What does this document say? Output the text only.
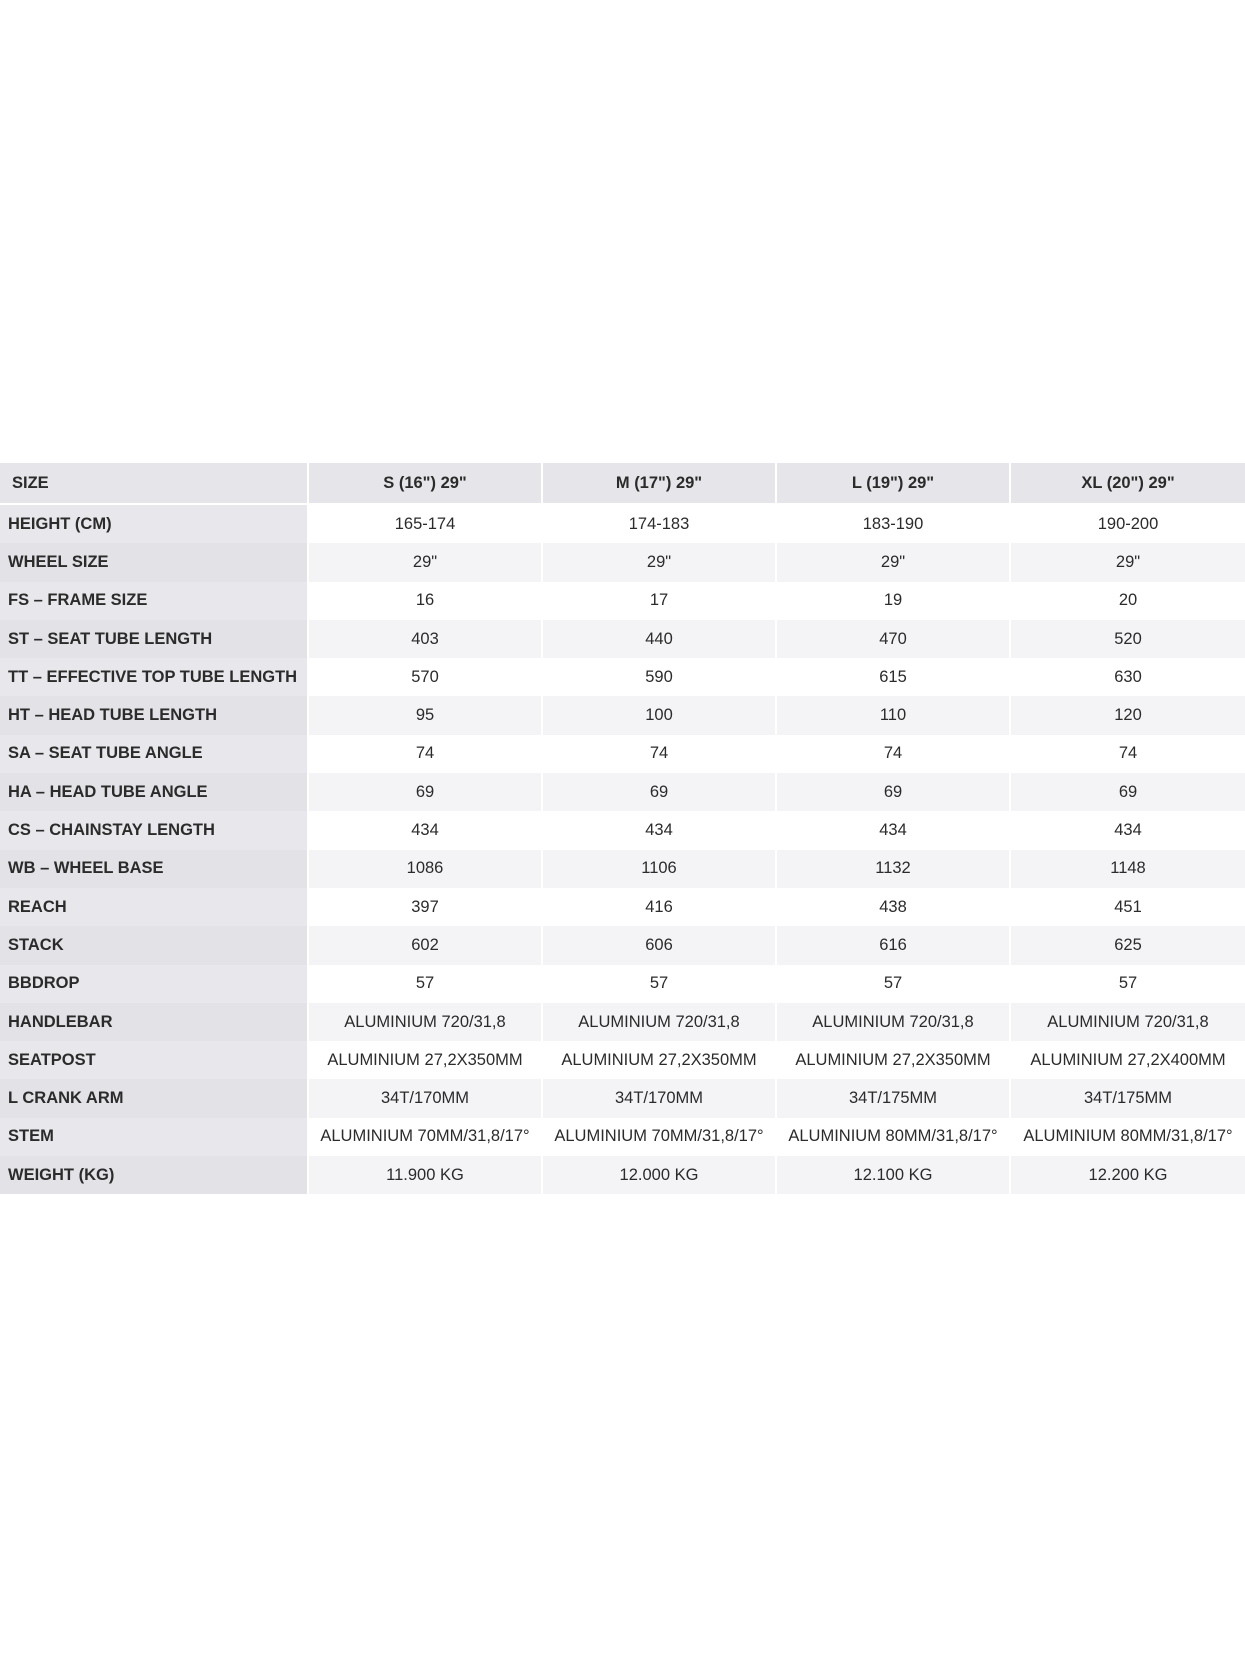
SIZE	S (16") 29"	M (17") 29"	L (19") 29"	XL (20") 29"
HEIGHT (CM)	165-174	174-183	183-190	190-200
WHEEL SIZE	29"	29"	29"	29"
FS – FRAME SIZE	16	17	19	20
ST – SEAT TUBE LENGTH	403	440	470	520
TT – EFFECTIVE TOP TUBE LENGTH	570	590	615	630
HT – HEAD TUBE LENGTH	95	100	110	120
SA – SEAT TUBE ANGLE	74	74	74	74
HA – HEAD TUBE ANGLE	69	69	69	69
CS – CHAINSTAY LENGTH	434	434	434	434
WB – WHEEL BASE	1086	1106	1132	1148
REACH	397	416	438	451
STACK	602	606	616	625
BBDROP	57	57	57	57
HANDLEBAR	ALUMINIUM 720/31,8	ALUMINIUM 720/31,8	ALUMINIUM 720/31,8	ALUMINIUM 720/31,8
SEATPOST	ALUMINIUM 27,2X350MM	ALUMINIUM 27,2X350MM	ALUMINIUM 27,2X350MM	ALUMINIUM 27,2X400MM
L CRANK ARM	34T/170MM	34T/170MM	34T/175MM	34T/175MM
STEM	ALUMINIUM 70MM/31,8/17°	ALUMINIUM 70MM/31,8/17°	ALUMINIUM 80MM/31,8/17°	ALUMINIUM 80MM/31,8/17°
WEIGHT (KG)	11.900 KG	12.000 KG	12.100 KG	12.200 KG
